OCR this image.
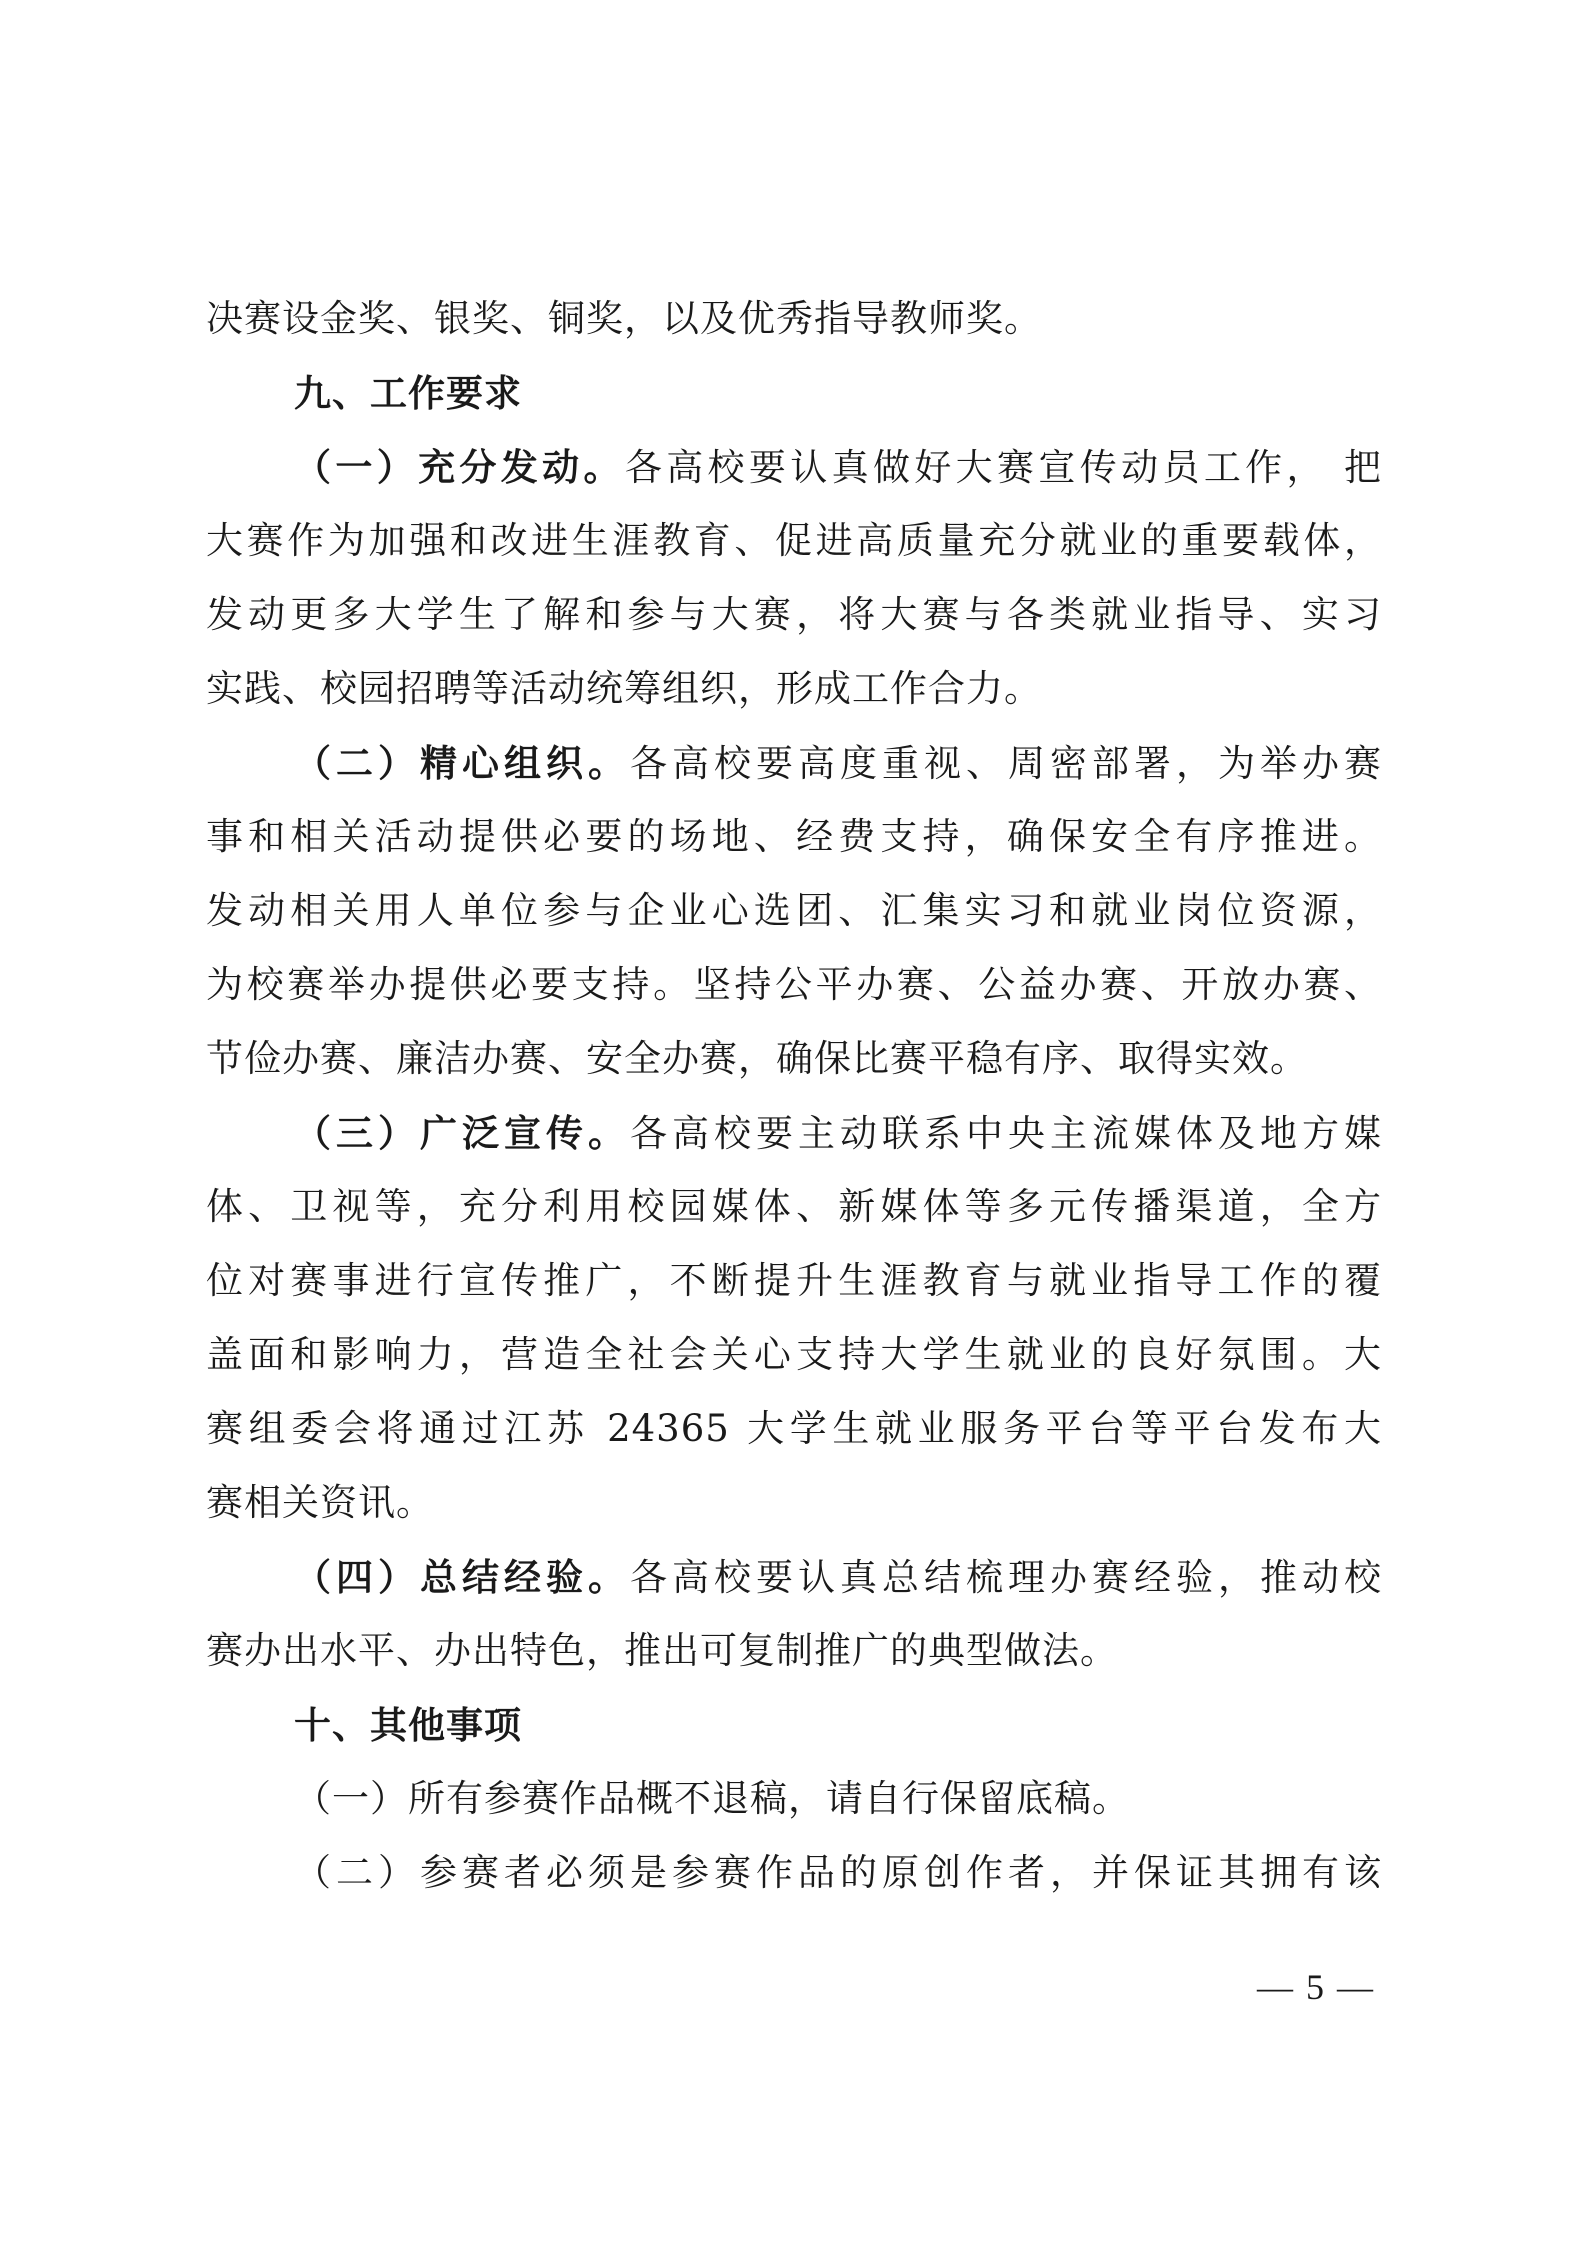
决赛设金奖、银奖、铜奖，以及优秀指导教师奖。
九、工作要求
（一）充分发动。各高校要认真做好大赛宣传动员工作， 把
大赛作为加强和改进生涯教育、促进高质量充分就业的重要载体，
发动更多大学生了解和参与大赛，将大赛与各类就业指导、实习
实践、校园招聘等活动统筹组织，形成工作合力。
（二）精心组织。各高校要高度重视、周密部署，为举办赛
事和相关活动提供必要的场地、经费支持，确保安全有序推进。
发动相关用人单位参与企业心选团、汇集实习和就业岗位资源，
为校赛举办提供必要支持。坚持公平办赛、公益办赛、开放办赛、
节俭办赛、廉洁办赛、安全办赛，确保比赛平稳有序、取得实效。
（三）广泛宣传。各高校要主动联系中央主流媒体及地方媒
体、卫视等，充分利用校园媒体、新媒体等多元传播渠道，全方
位对赛事进行宣传推广，不断提升生涯教育与就业指导工作的覆
盖面和影响力，营造全社会关心支持大学生就业的良好氛围。大
赛组委会将通过江苏 24365 大学生就业服务平台等平台发布大
赛相关资讯。
（四）总结经验。各高校要认真总结梳理办赛经验，推动校
赛办出水平、办出特色，推出可复制推广的典型做法。
十、其他事项
（一）所有参赛作品概不退稿，请自行保留底稿。
（二）参赛者必须是参赛作品的原创作者，并保证其拥有该
— 5 —
